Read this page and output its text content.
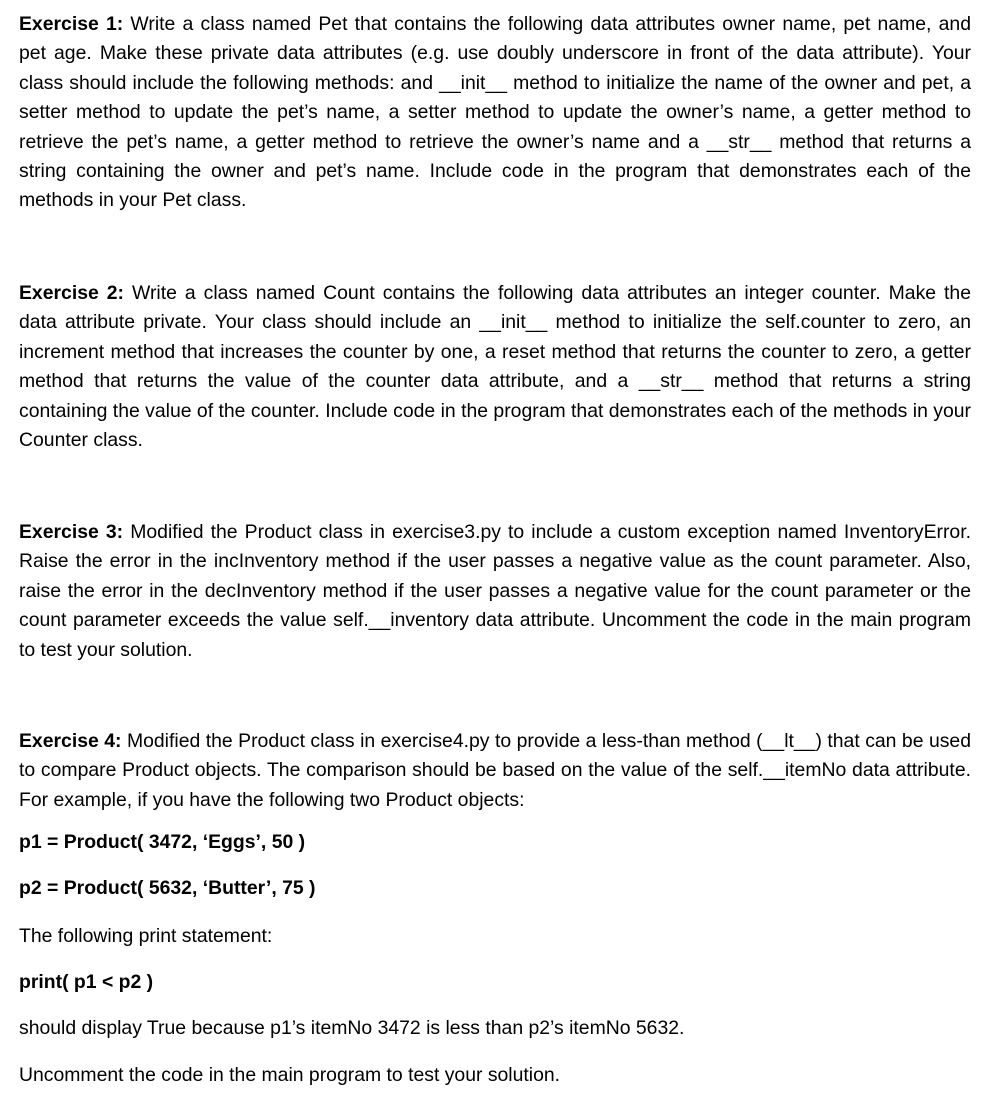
Exercise 1: Write a class named Pet that contains the following data attributes owner name, pet name, and pet age. Make these private data attributes (e.g. use doubly underscore in front of the data attribute). Your class should include the following methods: and __init__ method to initialize the name of the owner and pet, a setter method to update the pet’s name, a setter method to update the owner’s name, a getter method to retrieve the pet’s name, a getter method to retrieve the owner’s name and a __str__ method that returns a string containing the owner and pet’s name. Include code in the program that demonstrates each of the methods in your Pet class.

Exercise 2: Write a class named Count contains the following data attributes an integer counter. Make the data attribute private. Your class should include an __init__ method to initialize the self.counter to zero, an increment method that increases the counter by one, a reset method that returns the counter to zero, a getter method that returns the value of the counter data attribute, and a __str__ method that returns a string containing the value of the counter. Include code in the program that demonstrates each of the methods in your Counter class.

Exercise 3: Modified the Product class in exercise3.py to include a custom exception named InventoryError. Raise the error in the incInventory method if the user passes a negative value as the count parameter. Also, raise the error in the decInventory method if the user passes a negative value for the count parameter or the count parameter exceeds the value self.__inventory data attribute. Uncomment the code in the main program to test your solution.

Exercise 4: Modified the Product class in exercise4.py to provide a less-than method (__lt__) that can be used to compare Product objects. The comparison should be based on the value of the self.__itemNo data attribute. For example, if you have the following two Product objects:

p1 = Product( 3472, ‘Eggs’, 50 )

p2 = Product( 5632, ‘Butter’, 75 )

The following print statement:

print( p1 < p2 )

should display True because p1’s itemNo 3472 is less than p2’s itemNo 5632.

Uncomment the code in the main program to test your solution.
